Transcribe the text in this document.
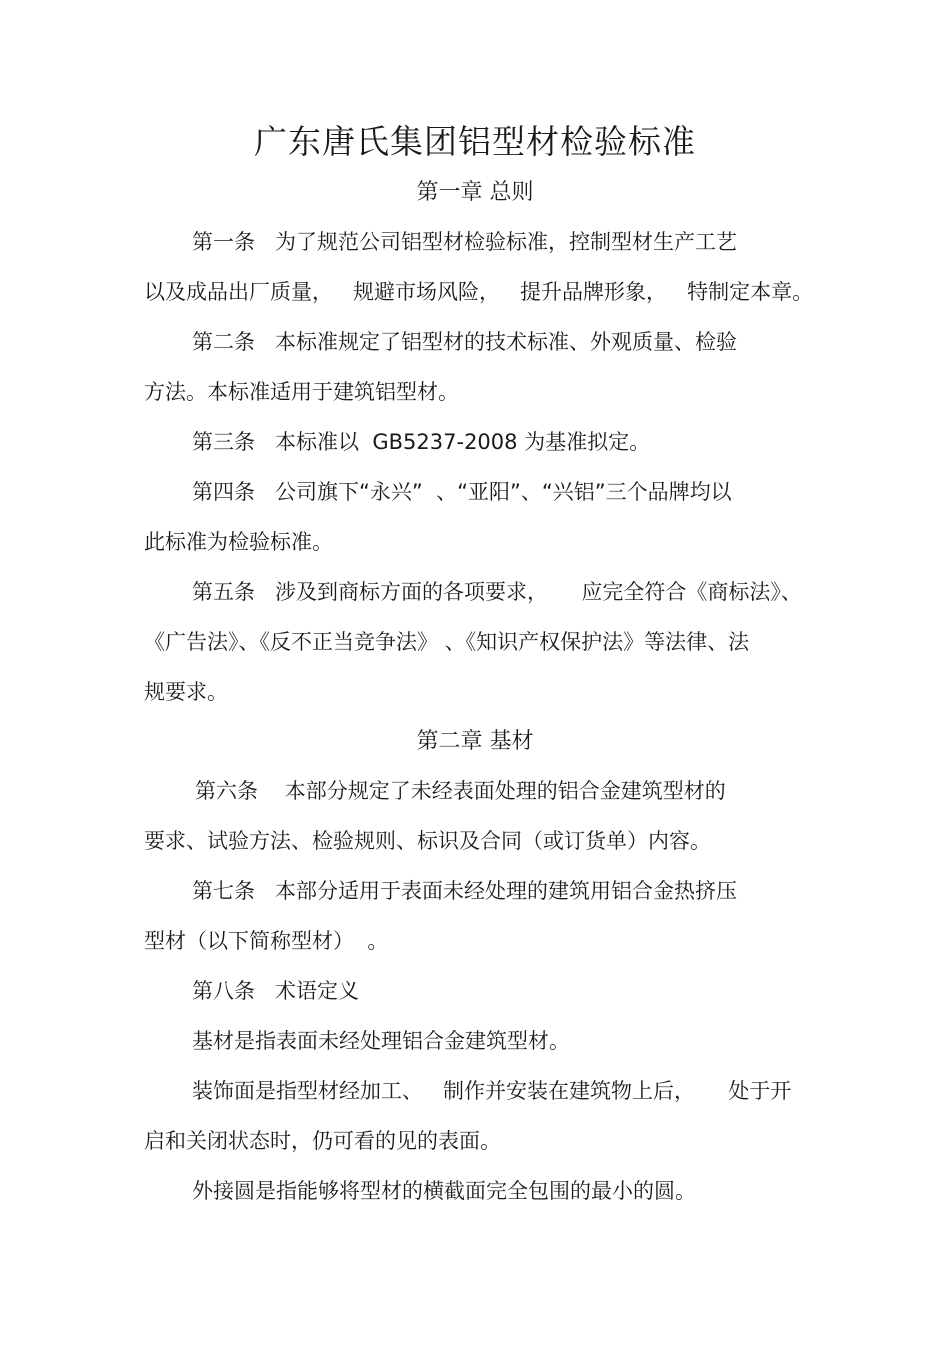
广东唐氏集团铝型材检验标准
第一章 总则
第一条   为了规范公司铝型材检验标准，控制型材生产工艺
以及成品出厂质量，   规避市场风险，   提升品牌形象，   特制定本章。
第二条   本标准规定了铝型材的技术标准、外观质量、检验
方法。本标准适用于建筑铝型材。
第三条   本标准以  GB5237-2008 为基准拟定。
第四条   公司旗下“永兴”  、“亚阳”、“兴铝”三个品牌均以
此标准为检验标准。
第五条   涉及到商标方面的各项要求，     应完全符合《商标法》、
《广告法》、《反不正当竞争法》 、《知识产权保护法》等法律、法
规要求。
第二章 基材
第六条    本部分规定了未经表面处理的铝合金建筑型材的
要求、试验方法、检验规则、标识及合同（或订货单）内容。
第七条   本部分适用于表面未经处理的建筑用铝合金热挤压
型材（以下简称型材）  。
第八条   术语定义
基材是指表面未经处理铝合金建筑型材。
装饰面是指型材经加工、   制作并安装在建筑物上后，     处于开
启和关闭状态时，仍可看的见的表面。
外接圆是指能够将型材的横截面完全包围的最小的圆。
